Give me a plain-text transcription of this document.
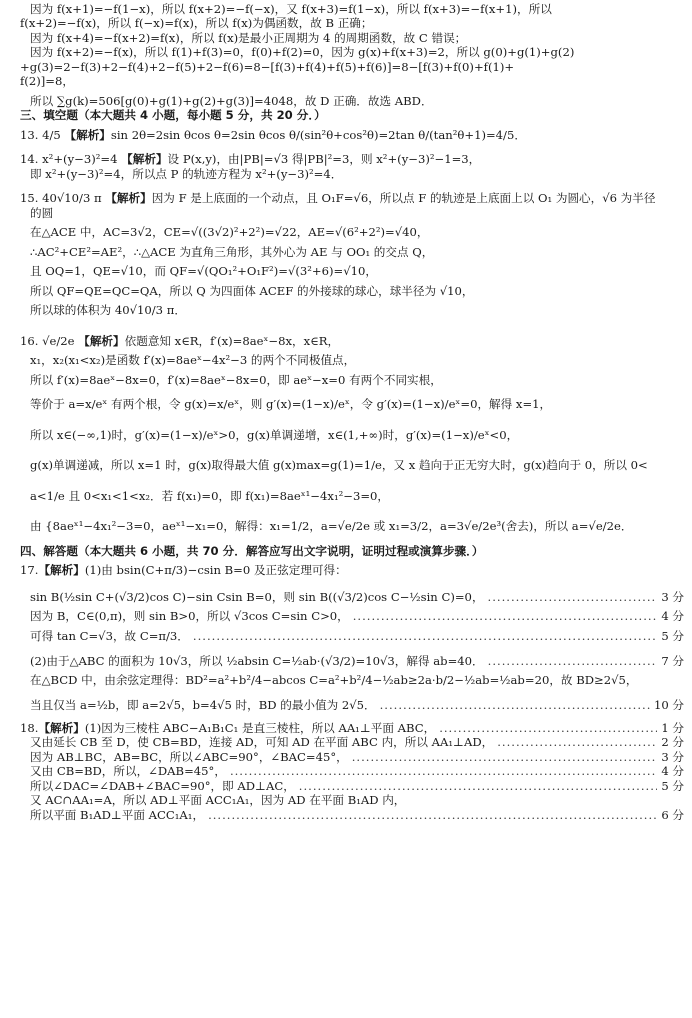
因为 f(x+1)=−f(1−x)，所以 f(x+2)=−f(−x)，又 f(x+3)=f(1−x)，所以 f(x+3)=−f(x+1)，所以

f(x+2)=−f(x)，所以 f(−x)=f(x)，所以 f(x)为偶函数，故 B 正确；

因为 f(x+4)=−f(x+2)=f(x)，所以 f(x)是最小正周期为 4 的周期函数，故 C 错误；

因为 f(x+2)=−f(x)，所以 f(1)+f(3)=0，f(0)+f(2)=0，因为 g(x)+f(x+3)=2，所以 g(0)+g(1)+g(2)

+g(3)=2−f(3)+2−f(4)+2−f(5)+2−f(6)=8−[f(3)+f(4)+f(5)+f(6)]=8−[f(3)+f(0)+f(1)+

f(2)]=8，

所以 ∑g(k)=506[g(0)+g(1)+g(2)+g(3)]=4048，故 D 正确．故选 ABD．

三、填空题（本大题共 4 小题，每小题 5 分，共 20 分．）

13. 4/5 【解析】sin 2θ=2sin θcos θ=2sin θcos θ/(sin²θ+cos²θ)=2tan θ/(tan²θ+1)=4/5．

14. x²+(y−3)²=4 【解析】设 P(x,y)，由|PB|=√3 得|PB|²=3，则 x²+(y−3)²−1=3，

即 x²+(y−3)²=4，所以点 P 的轨迹方程为 x²+(y−3)²=4．

15. 40√10/3 π 【解析】因为 F 是上底面的一个动点，且 O₁F=√6，所以点 F 的轨迹是上底面上以 O₁ 为圆心，√6 为半径

的圆

在△ACE 中，AC=3√2，CE=√((3√2)²+2²)=√22，AE=√(6²+2²)=√40，

∴AC²+CE²=AE²，∴△ACE 为直角三角形，其外心为 AE 与 OO₁ 的交点 Q，

且 OQ=1，QE=√10，而 QF=√(QO₁²+O₁F²)=√(3²+6)=√10，

所以 QF=QE=QC=QA，所以 Q 为四面体 ACEF 的外接球的球心，球半径为 √10，

所以球的体积为 40√10/3 π．

16. √e/2e 【解析】依题意知 x∈R，f′(x)=8aeˣ−8x，x∈R，

x₁，x₂(x₁<x₂)是函数 f′(x)=8aeˣ−4x²−3 的两个不同极值点，

所以 f′(x)=8aeˣ−8x=0，f′(x)=8aeˣ−8x=0，即 aeˣ−x=0 有两个不同实根，

等价于 a=x/eˣ 有两个根，令 g(x)=x/eˣ，则 g′(x)=(1−x)/eˣ，令 g′(x)=(1−x)/eˣ=0，解得 x=1，

所以 x∈(−∞,1)时，g′(x)=(1−x)/eˣ>0，g(x)单调递增，x∈(1,+∞)时，g′(x)=(1−x)/eˣ<0，

g(x)单调递减，所以 x=1 时，g(x)取得最大值 g(x)max=g(1)=1/e，又 x 趋向于正无穷大时，g(x)趋向于 0，所以 0<

a<1/e 且 0<x₁<1<x₂．若 f(x₁)=0，即 f(x₁)=8aeˣ¹−4x₁²−3=0，

由 {8aeˣ¹−4x₁²−3=0，aeˣ¹−x₁=0，解得：x₁=1/2，a=√e/2e 或 x₁=3/2，a=3√e/2e³(舍去)，所以 a=√e/2e．

四、解答题（本大题共 6 小题，共 70 分．解答应写出文字说明，证明过程或演算步骤．）

17.【解析】(1)由 bsin(C+π/3)−csin B=0 及正弦定理可得：

sin B(½sin C+(√3/2)cos C)−sin Csin B=0，则 sin B((√3/2)cos C−½sin C)=0， .....	3 分
因为 B，C∈(0,π)，则 sin B>0，所以 √3cos C=sin C>0， .....	4 分
可得 tan C=√3，故 C=π/3． .....	5 分
(2)由于△ABC 的面积为 10√3，所以 ½absin C=½ab·(√3/2)=10√3，解得 ab=40． .....	7 分

在△BCD 中，由余弦定理得：BD²=a²+b²/4−abcos C=a²+b²/4−½ab≥2a·b/2−½ab=½ab=20，故 BD≥2√5，

当且仅当 a=½b，即 a=2√5，b=4√5 时，BD 的最小值为 2√5． .....	10 分
18.【解析】(1)因为三棱柱 ABC−A₁B₁C₁ 是直三棱柱，所以 AA₁⊥平面 ABC， .....	1 分
又由延长 CB 至 D，使 CB=BD，连接 AD，可知 AD 在平面 ABC 内，所以 AA₁⊥AD， .....	2 分
因为 AB⊥BC，AB=BC，所以∠ABC=90°，∠BAC=45°， .....	3 分
又由 CB=BD，所以，∠DAB=45°， .....	4 分
所以∠DAC=∠DAB+∠BAC=90°，即 AD⊥AC， .....	5 分

又 AC∩AA₁=A，所以 AD⊥平面 ACC₁A₁，因为 AD 在平面 B₁AD 内，

所以平面 B₁AD⊥平面 ACC₁A₁， .....	6 分
